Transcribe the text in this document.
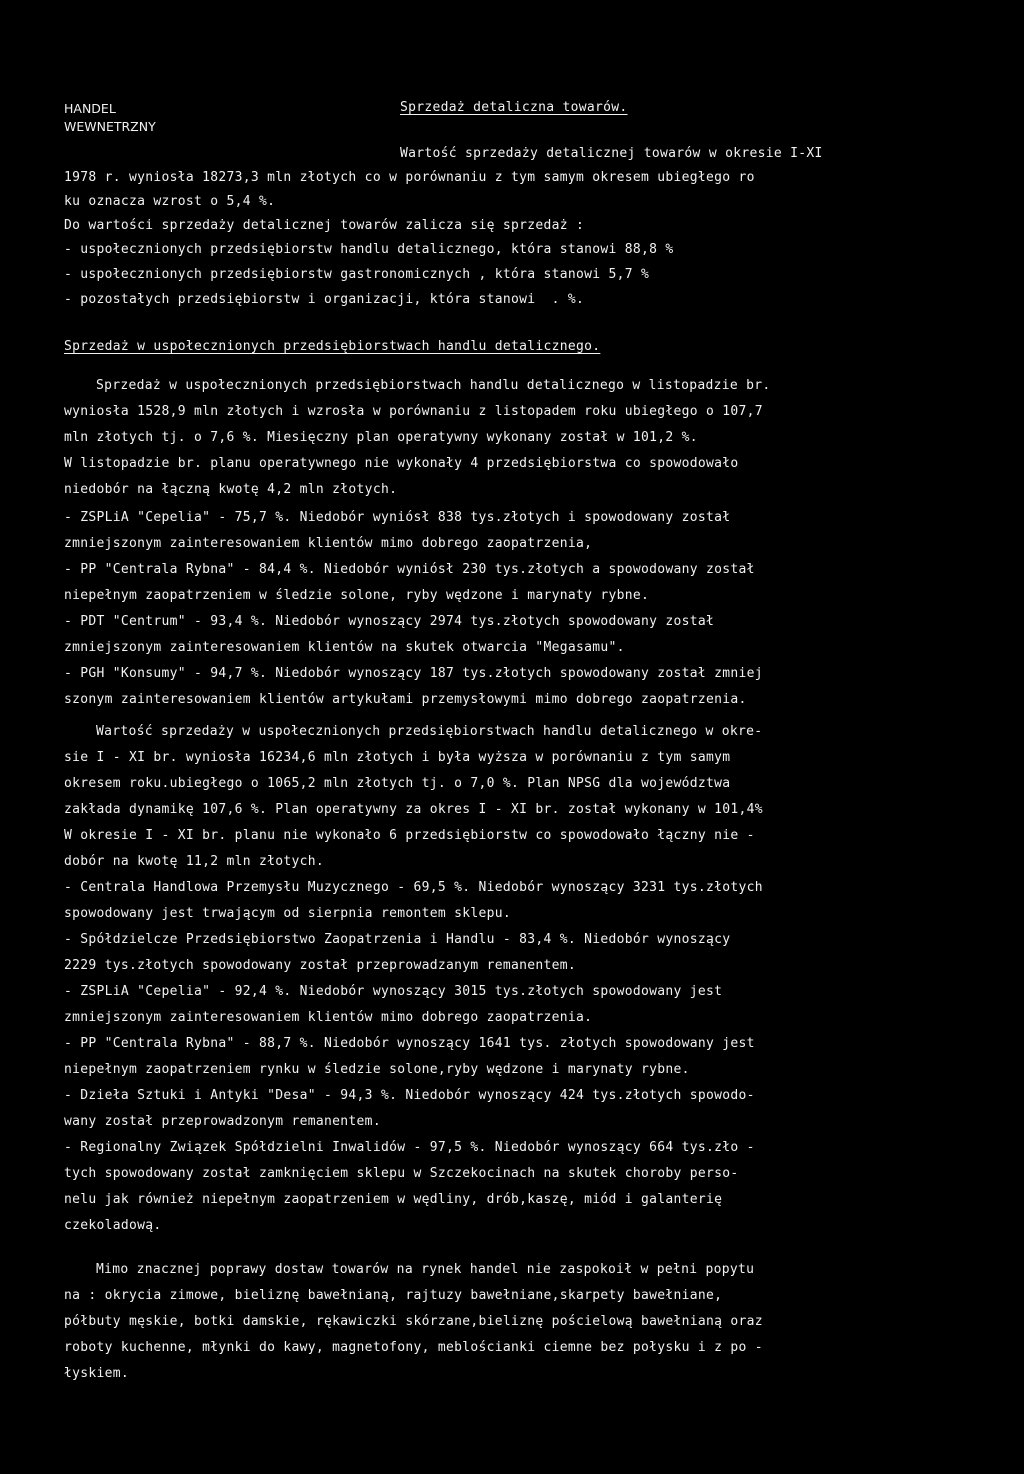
HANDEL
WEWNETRZNY
Sprzedaż detaliczna towarów.
Wartość sprzedaży detalicznej towarów w okresie I-XI
1978 r. wyniosła 18273,3 mln złotych co w porównaniu z tym samym okresem ubiegłego ro
ku oznacza wzrost o 5,4 %.
Do wartości sprzedaży detalicznej towarów zalicza się sprzedaż :
- uspołecznionych przedsiębiorstw handlu detalicznego, która stanowi 88,8 %
- uspołecznionych przedsiębiorstw gastronomicznych , która stanowi 5,7 %
- pozostałych przedsiębiorstw i organizacji, która stanowi  . %.
Sprzedaż w uspołecznionych przedsiębiorstwach handlu detalicznego.
Sprzedaż w uspołecznionych przedsiębiorstwach handlu detalicznego w listopadzie br.
wyniosła 1528,9 mln złotych i wzrosła w porównaniu z listopadem roku ubiegłego o 107,7
mln złotych tj. o 7,6 %. Miesięczny plan operatywny wykonany został w 101,2 %.
W listopadzie br. planu operatywnego nie wykonały 4 przedsiębiorstwa co spowodowało
niedobór na łączną kwotę 4,2 mln złotych.
- ZSPLiA "Cepelia" - 75,7 %. Niedobór wyniósł 838 tys.złotych i spowodowany został
zmniejszonym zainteresowaniem klientów mimo dobrego zaopatrzenia,
- PP "Centrala Rybna" - 84,4 %. Niedobór wyniósł 230 tys.złotych a spowodowany został
niepełnym zaopatrzeniem w śledzie solone, ryby wędzone i marynaty rybne.
- PDT "Centrum" - 93,4 %. Niedobór wynoszący 2974 tys.złotych spowodowany został
zmniejszonym zainteresowaniem klientów na skutek otwarcia "Megasamu".
- PGH "Konsumy" - 94,7 %. Niedobór wynoszący 187 tys.złotych spowodowany został zmniej
szonym zainteresowaniem klientów artykułami przemysłowymi mimo dobrego zaopatrzenia.
Wartość sprzedaży w uspołecznionych przedsiębiorstwach handlu detalicznego w okre-
sie I - XI br. wyniosła 16234,6 mln złotych i była wyższa w porównaniu z tym samym
okresem roku.ubiegłego o 1065,2 mln złotych tj. o 7,0 %. Plan NPSG dla województwa
zakłada dynamikę 107,6 %. Plan operatywny za okres I - XI br. został wykonany w 101,4%
W okresie I - XI br. planu nie wykonało 6 przedsiębiorstw co spowodowało łączny nie -
dobór na kwotę 11,2 mln złotych.
- Centrala Handlowa Przemysłu Muzycznego - 69,5 %. Niedobór wynoszący 3231 tys.złotych
spowodowany jest trwającym od sierpnia remontem sklepu.
- Spółdzielcze Przedsiębiorstwo Zaopatrzenia i Handlu - 83,4 %. Niedobór wynoszący
2229 tys.złotych spowodowany został przeprowadzanym remanentem.
- ZSPLiA "Cepelia" - 92,4 %. Niedobór wynoszący 3015 tys.złotych spowodowany jest
zmniejszonym zainteresowaniem klientów mimo dobrego zaopatrzenia.
- PP "Centrala Rybna" - 88,7 %. Niedobór wynoszący 1641 tys. złotych spowodowany jest
niepełnym zaopatrzeniem rynku w śledzie solone,ryby wędzone i marynaty rybne.
- Dzieła Sztuki i Antyki "Desa" - 94,3 %. Niedobór wynoszący 424 tys.złotych spowodo-
wany został przeprowadzonym remanentem.
- Regionalny Związek Spółdzielni Inwalidów - 97,5 %. Niedobór wynoszący 664 tys.zło -
tych spowodowany został zamknięciem sklepu w Szczekocinach na skutek choroby perso-
nelu jak również niepełnym zaopatrzeniem w wędliny, drób,kaszę, miód i galanterię
czekoladową.
Mimo znacznej poprawy dostaw towarów na rynek handel nie zaspokoił w pełni popytu
na : okrycia zimowe, bieliznę bawełnianą, rajtuzy bawełniane,skarpety bawełniane,
półbuty męskie, botki damskie, rękawiczki skórzane,bieliznę pościelową bawełnianą oraz
roboty kuchenne, młynki do kawy, magnetofony, meblościanki ciemne bez połysku i z po -
łyskiem.
